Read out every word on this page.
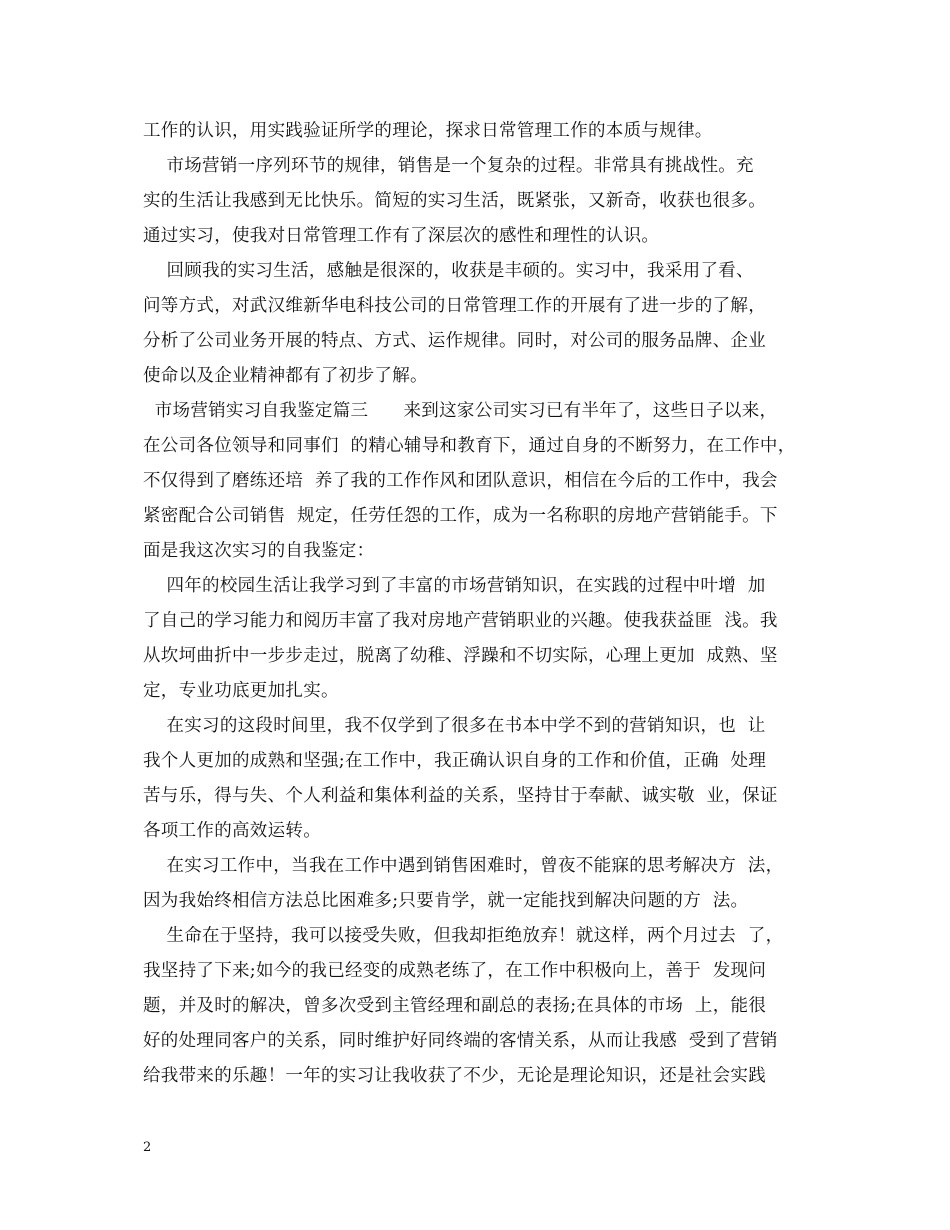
工作的认识，用实践验证所学的理论，探求日常管理工作的本质与规律。
市场营销一序列环节的规律，销售是一个复杂的过程。非常具有挑战性。充
实的生活让我感到无比快乐。简短的实习生活，既紧张，又新奇，收获也很多。
通过实习，使我对日常管理工作有了深层次的感性和理性的认识。
回顾我的实习生活，感触是很深的，收获是丰硕的。实习中，我采用了看、
问等方式，对武汉维新华电科技公司的日常管理工作的开展有了进一步的了解，
分析了公司业务开展的特点、方式、运作规律。同时，对公司的服务品牌、企业
使命以及企业精神都有了初步了解。
市场营销实习自我鉴定篇三      来到这家公司实习已有半年了，这些日子以来，
在公司各位领导和同事们  的精心辅导和教育下，通过自身的不断努力，在工作中，
不仅得到了磨练还培  养了我的工作作风和团队意识，相信在今后的工作中，我会
紧密配合公司销售  规定，任劳任怨的工作，成为一名称职的房地产营销能手。下
面是我这次实习的自我鉴定：
四年的校园生活让我学习到了丰富的市场营销知识，在实践的过程中叶增  加
了自己的学习能力和阅历丰富了我对房地产营销职业的兴趣。使我获益匪  浅。我
从坎坷曲折中一步步走过，脱离了幼稚、浮躁和不切实际，心理上更加  成熟、坚
定，专业功底更加扎实。
在实习的这段时间里，我不仅学到了很多在书本中学不到的营销知识，也  让
我个人更加的成熟和坚强;在工作中，我正确认识自身的工作和价值，正确  处理
苦与乐，得与失、个人利益和集体利益的关系，坚持甘于奉献、诚实敬  业，保证
各项工作的高效运转。
在实习工作中，当我在工作中遇到销售困难时，曾夜不能寐的思考解决方  法，
因为我始终相信方法总比困难多;只要肯学，就一定能找到解决问题的方  法。
生命在于坚持，我可以接受失败，但我却拒绝放弃！就这样，两个月过去  了，
我坚持了下来;如今的我已经变的成熟老练了，在工作中积极向上，善于  发现问
题，并及时的解决，曾多次受到主管经理和副总的表扬;在具体的市场  上，能很
好的处理同客户的关系，同时维护好同终端的客情关系，从而让我感  受到了营销
给我带来的乐趣！一年的实习让我收获了不少，无论是理论知识，还是社会实践
2
